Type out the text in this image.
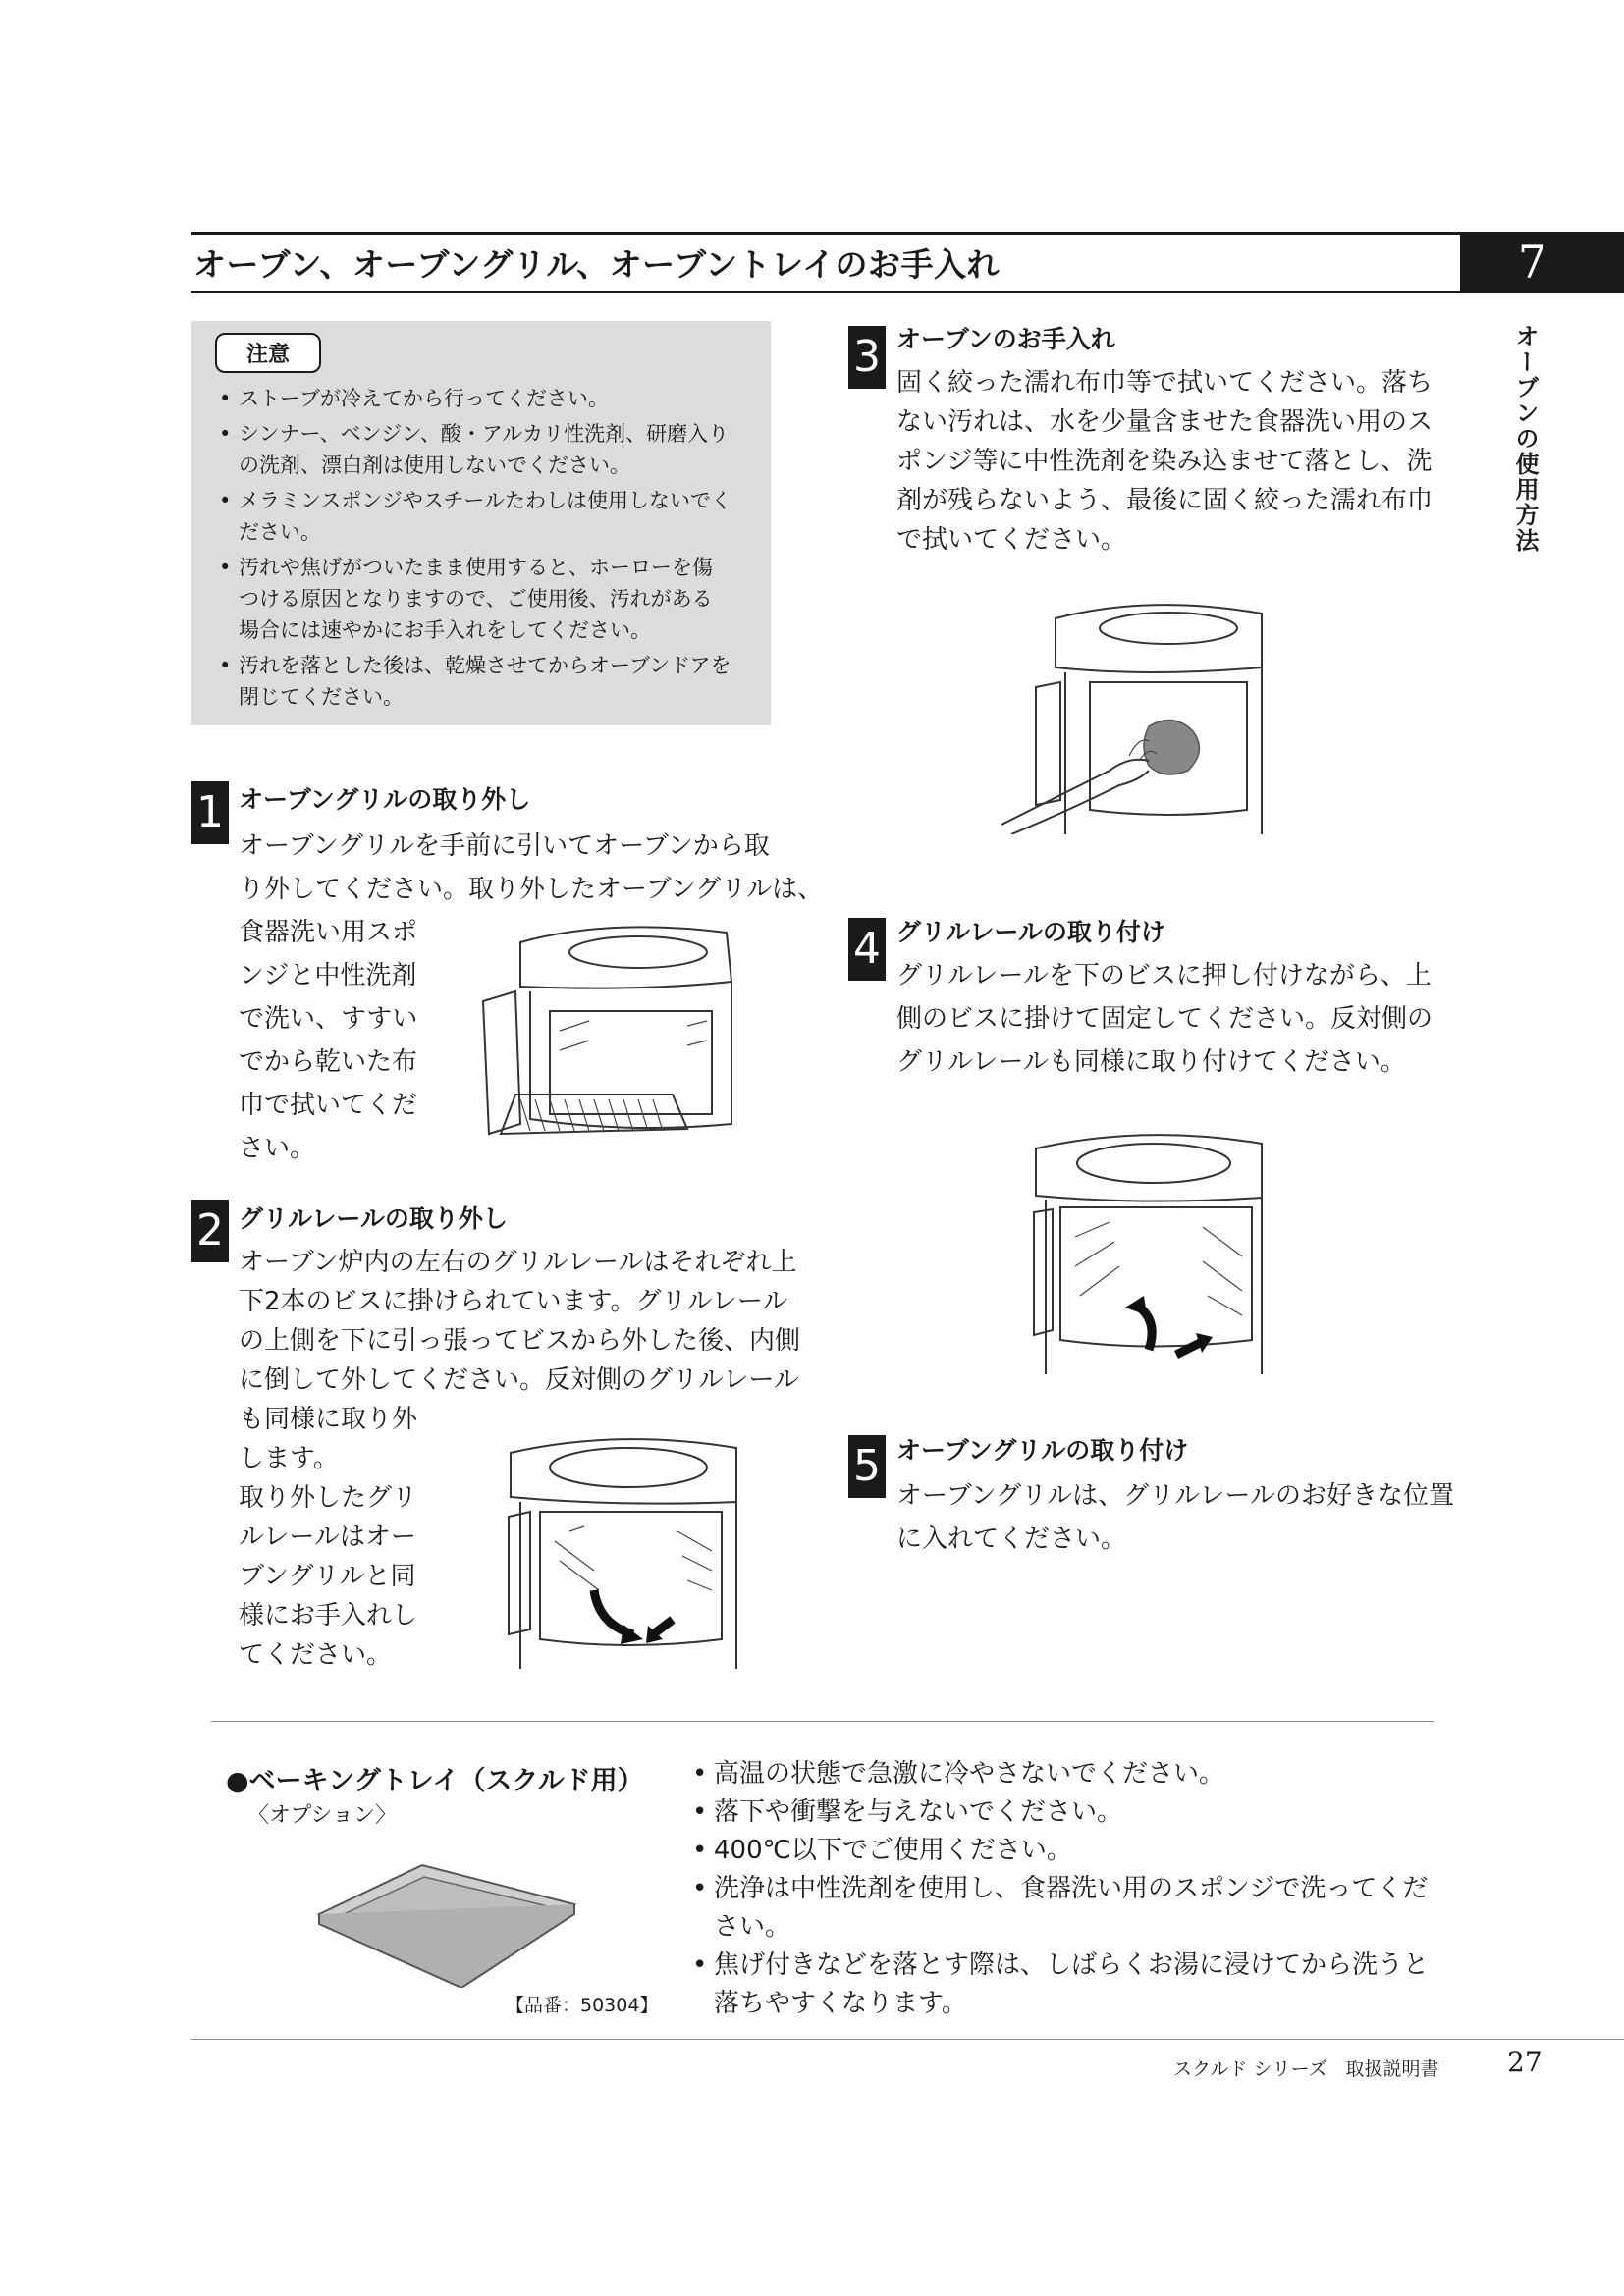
オーブン、オーブングリル、オーブントレイのお手入れ	7
オーブンの使用方法
注意
• ストーブが冷えてから行ってください。
• シンナー、ベンジン、酸・アルカリ性洗剤、研磨入り
の洗剤、漂白剤は使用しないでください。
• メラミンスポンジやスチールたわしは使用しないでく
ださい。
• 汚れや焦げがついたまま使用すると、ホーローを傷
つける原因となりますので、ご使用後、汚れがある
場合には速やかにお手入れをしてください。
• 汚れを落とした後は、乾燥させてからオーブンドアを
閉じてください。
1 オーブングリルの取り外し
オーブングリルを手前に引いてオーブンから取
り外してください。取り外したオーブングリルは、
食器洗い用スポ
ンジと中性洗剤
で洗い、すすい
でから乾いた布
巾で拭いてくだ
さい。
2 グリルレールの取り外し
オーブン炉内の左右のグリルレールはそれぞれ上
下2本のビスに掛けられています。グリルレール
の上側を下に引っ張ってビスから外した後、内側
に倒して外してください。反対側のグリルレール
も同様に取り外
します。
取り外したグリ
ルレールはオー
ブングリルと同
様にお手入れし
てください。
3 オーブンのお手入れ
固く絞った濡れ布巾等で拭いてください。落ち
ない汚れは、水を少量含ませた食器洗い用のス
ポンジ等に中性洗剤を染み込ませて落とし、洗
剤が残らないよう、最後に固く絞った濡れ布巾
で拭いてください。
4 グリルレールの取り付け
グリルレールを下のビスに押し付けながら、上
側のビスに掛けて固定してください。反対側の
グリルレールも同様に取り付けてください。
5 オーブングリルの取り付け
オーブングリルは、グリルレールのお好きな位置
に入れてください。
●ベーキングトレイ（スクルド用）
〈オプション〉
【品番：50304】
• 高温の状態で急激に冷やさないでください。
• 落下や衝撃を与えないでください。
• 400℃以下でご使用ください。
• 洗浄は中性洗剤を使用し、食器洗い用のスポンジで洗ってくだ
さい。
• 焦げ付きなどを落とす際は、しばらくお湯に浸けてから洗うと
落ちやすくなります。
スクルド シリーズ　取扱説明書 27
